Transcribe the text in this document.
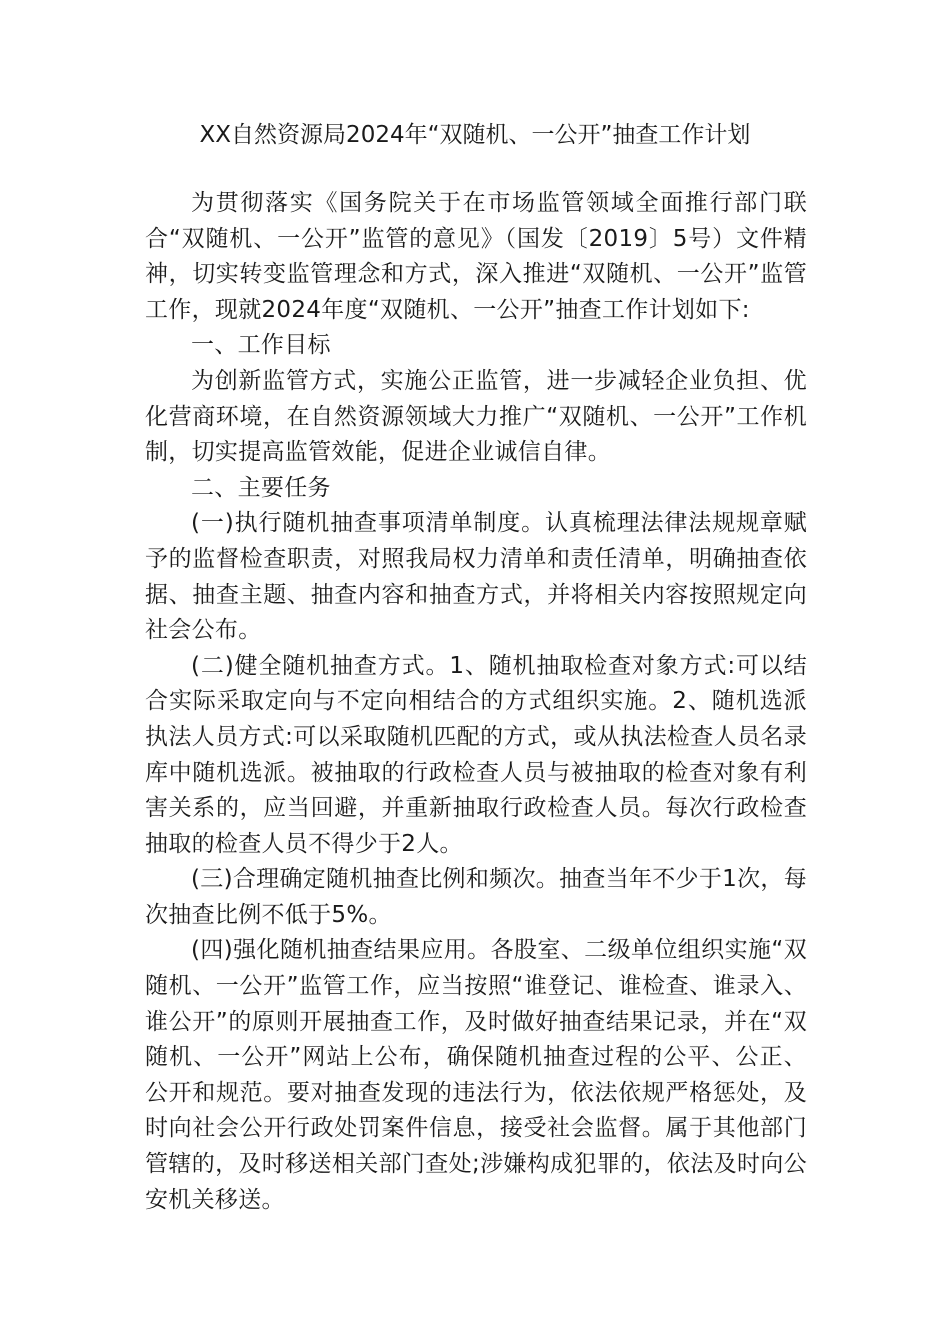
XX自然资源局2024年“双随机、一公开”抽查工作计划

为贯彻落实《国务院关于在市场监管领域全面推行部门联合“双随机、一公开”监管的意见》（国发〔2019〕5号）文件精神，切实转变监管理念和方式，深入推进“双随机、一公开”监管工作，现就2024年度“双随机、一公开”抽查工作计划如下:

一、工作目标

为创新监管方式，实施公正监管，进一步减轻企业负担、优化营商环境，在自然资源领域大力推广“双随机、一公开”工作机制，切实提高监管效能，促进企业诚信自律。

二、主要任务

(一)执行随机抽查事项清单制度。认真梳理法律法规规章赋予的监督检查职责，对照我局权力清单和责任清单，明确抽查依据、抽查主题、抽查内容和抽查方式，并将相关内容按照规定向社会公布。

(二)健全随机抽查方式。1、随机抽取检查对象方式:可以结合实际采取定向与不定向相结合的方式组织实施。2、随机选派执法人员方式:可以采取随机匹配的方式，或从执法检查人员名录库中随机选派。被抽取的行政检查人员与被抽取的检查对象有利害关系的，应当回避，并重新抽取行政检查人员。每次行政检查抽取的检查人员不得少于2人。

(三)合理确定随机抽查比例和频次。抽查当年不少于1次，每次抽查比例不低于5%。

(四)强化随机抽查结果应用。各股室、二级单位组织实施“双随机、一公开”监管工作，应当按照“谁登记、谁检查、谁录入、谁公开”的原则开展抽查工作，及时做好抽查结果记录，并在“双随机、一公开”网站上公布，确保随机抽查过程的公平、公正、公开和规范。要对抽查发现的违法行为，依法依规严格惩处，及时向社会公开行政处罚案件信息，接受社会监督。属于其他部门管辖的，及时移送相关部门查处;涉嫌构成犯罪的，依法及时向公安机关移送。
